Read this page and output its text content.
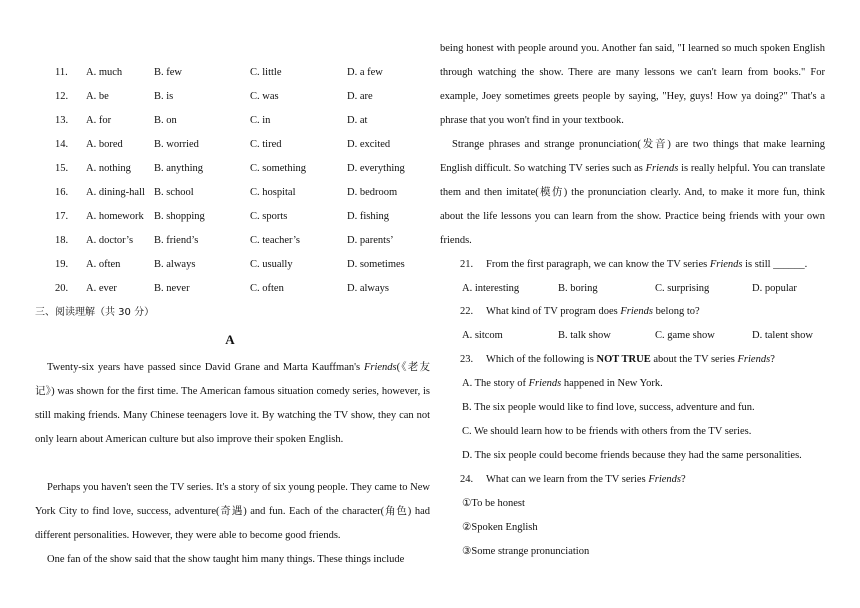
11.	A. much	B. few	C. little	D. a few
12.	A. be	B. is	C. was	D. are
13.	A. for	B. on	C. in	D. at
14.	A. bored	B. worried	C. tired	D. excited
15.	A. nothing B. anything	C. something	D. everything
16.	A. dining-hall B. school	C. hospital	D. bedroom
17.	A. homework B. shopping	C. sports	D. fishing
18.	A. doctor’s B. friend’s	C. teacher’s	D. parents’
19.	A. often	B. always	C. usually	D. sometimes
20.	A. ever	B. never	C. often	D. always
三、阅读理解（共 30 分）
A
Twenty-six years have passed since David Grane and Marta Kauffman's Friends(《老友记》) was shown for the first time. The American famous situation comedy series, however, is still making friends. Many Chinese teenagers love it. By watching the TV show, they can not only learn about American culture but also improve their spoken English.
Perhaps you haven't seen the TV series. It's a story of six young people. They came to New York City to find love, success, adventure(奇遇) and fun. Each of the character(角色) had different personalities. However, they were able to become good friends.
One fan of the show said that the show taught him many things. These things include
being honest with people around you. Another fan said, "I learned so much spoken English through watching the show. There are many lessons we can't learn from books." For example, Joey sometimes greets people by saying, "Hey, guys! How ya doing?" That's a phrase that you won't find in your textbook.
Strange phrases and strange pronunciation(发音) are two things that make learning English difficult. So watching TV series such as Friends is really helpful. You can translate them and then imitate(模仿) the pronunciation clearly. And, to make it more fun, think about the life lessons you can learn from the show. Practice being friends with your own friends.
21. From the first paragraph, we can know the TV series Friends is still ______.
A. interesting	B. boring	C. surprising	D. popular
22. What kind of TV program does Friends belong to?
A. sitcom	B. talk show	C. game show	D. talent show
23. Which of the following is NOT TRUE about the TV series Friends?
A. The story of Friends happened in New York.
B. The six people would like to find love, success, adventure and fun.
C. We should learn how to be friends with others from the TV series.
D. The six people could become friends because they had the same personalities.
24. What can we learn from the TV series Friends?
①To be honest
②Spoken English
③Some strange pronunciation
